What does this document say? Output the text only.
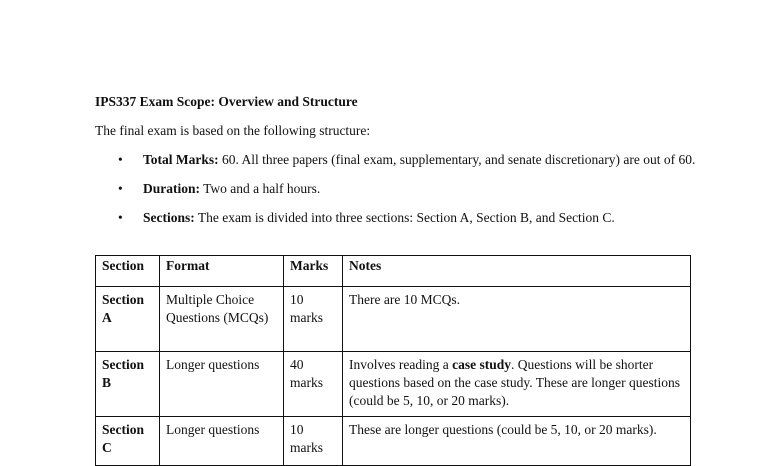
IPS337 Exam Scope: Overview and Structure
The final exam is based on the following structure:
• Total Marks: 60. All three papers (final exam, supplementary, and senate discretionary) are out of 60.
• Duration: Two and a half hours.
• Sections: The exam is divided into three sections: Section A, Section B, and Section C.
Section	Format	Marks	Notes
Section A	Multiple Choice Questions (MCQs)	10 marks	There are 10 MCQs.
Section B	Longer questions	40 marks	Involves reading a case study. Questions will be shorter questions based on the case study. These are longer questions (could be 5, 10, or 20 marks).
Section C	Longer questions	10 marks	These are longer questions (could be 5, 10, or 20 marks).
